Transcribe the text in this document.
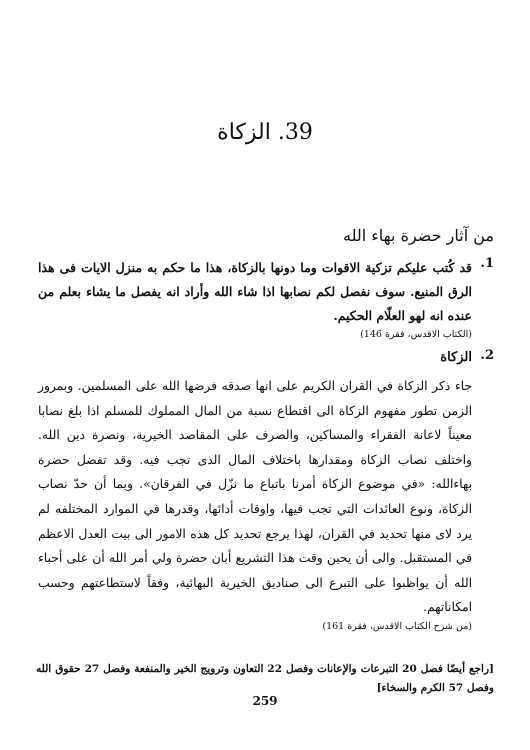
39. الزكاة
من آثار حضرة بهاء الله
1.

قد كُتب عليكم تزكية الاقوات وما دونها بالزكاة، هذا ما حكم به منزل الايات فى هذا الرق المنيع. سوف نفصل لكم نصابها اذا شاء الله وأراد انه يفصل ما يشاء بعلم من عنده انه لهو العلّام الحكيم.

(الكتاب الاقدس، فقرة 146)

2.

الزكاة

جاء ذكر الزكاة في القران الكريم على انها صدقه فرضها الله على المسلمين. وبمرور الزمن تطور مفهوم الزكاة الى اقتطاع نسبة من المال المملوك للمسلم اذا بلغ نصابا معيناً لاعانة الفقراء والمساكين، والصرف على المقاصد الخيرية، ونصرة دين الله. واختلف نصاب الزكاة ومقدارها باختلاف المال الذى تجب فيه. وقد تفضل حضرة بهاءالله: «في موضوع الزكاة أمرنا باتباع ما نزّل في الفرقان». وبما أن حدّ نصاب الزكاة، ونوع العائدات التي تجب فيها، واوقات أدائها، وقدرها في الموارد المختلفه لم يرد لاى منها تحديد في القران، لهذا يرجع تحديد كل هذه الامور الى بيت العدل الاعظم في المستقبل. والى أن يحين وقت هذا التشريع أبان حضرة ولي أمر الله أن على أحباء الله أن يواظبوا على التبرع الى صناديق الخيرية البهائية، وفقاً لاستطاعتهم وحسب امكاناتهم.

(من شرح الكتاب الاقدس، فقرة 161)

[راجع أيضًا فصل 20 التبرعات والإعانات وفصل 22 التعاون وترويج الخير والمنفعة وفصل 27 حقوق الله وفصل 57 الكرم والسخاء]

259
